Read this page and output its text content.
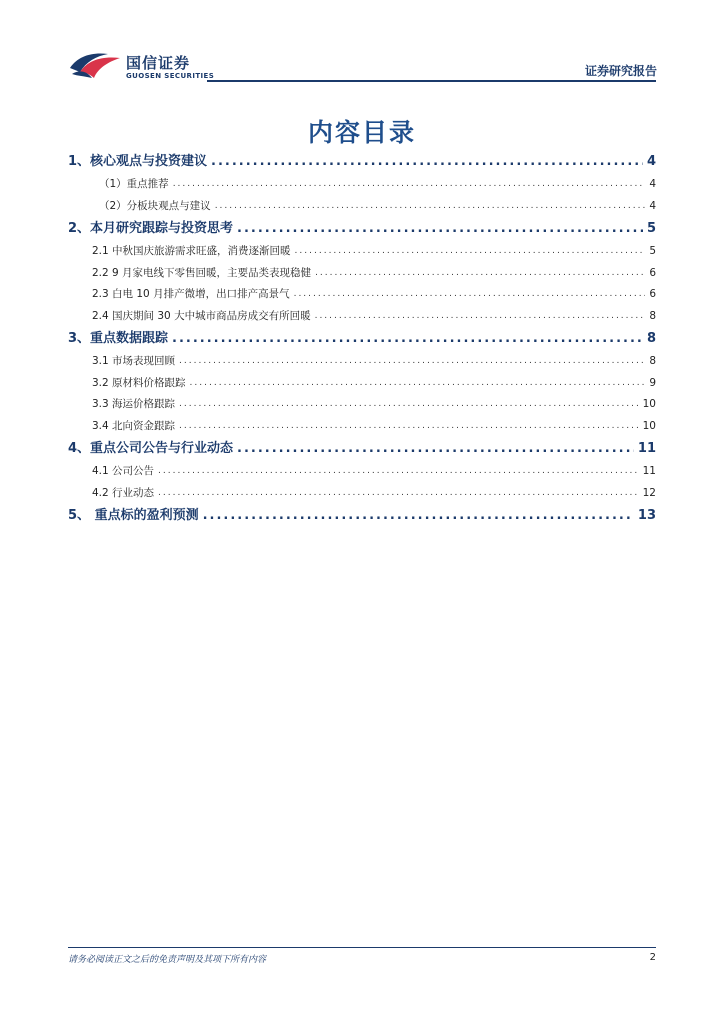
国信证券
GUOSEN SECURITIES	证券研究报告
内容目录
1、核心观点与投资建议 .....	4
（1）重点推荐 .....	4
（2）分板块观点与建议 .....	4
2、本月研究跟踪与投资思考 .....	5
2.1 中秋国庆旅游需求旺盛，消费逐渐回暖 .....	5
2.2 9 月家电线下零售回暖，主要品类表现稳健 .....	6
2.3 白电 10 月排产微增，出口排产高景气 .....	6
2.4 国庆期间 30 大中城市商品房成交有所回暖 .....	8
3、重点数据跟踪 .....	8
3.1 市场表现回顾 .....	8
3.2 原材料价格跟踪 .....	9
3.3 海运价格跟踪 .....	10
3.4 北向资金跟踪 .....	10
4、重点公司公告与行业动态 .....	11
4.1 公司公告 .....	11
4.2 行业动态 .....	12
5、 重点标的盈利预测 .....	13
请务必阅读正文之后的免责声明及其项下所有内容	2
